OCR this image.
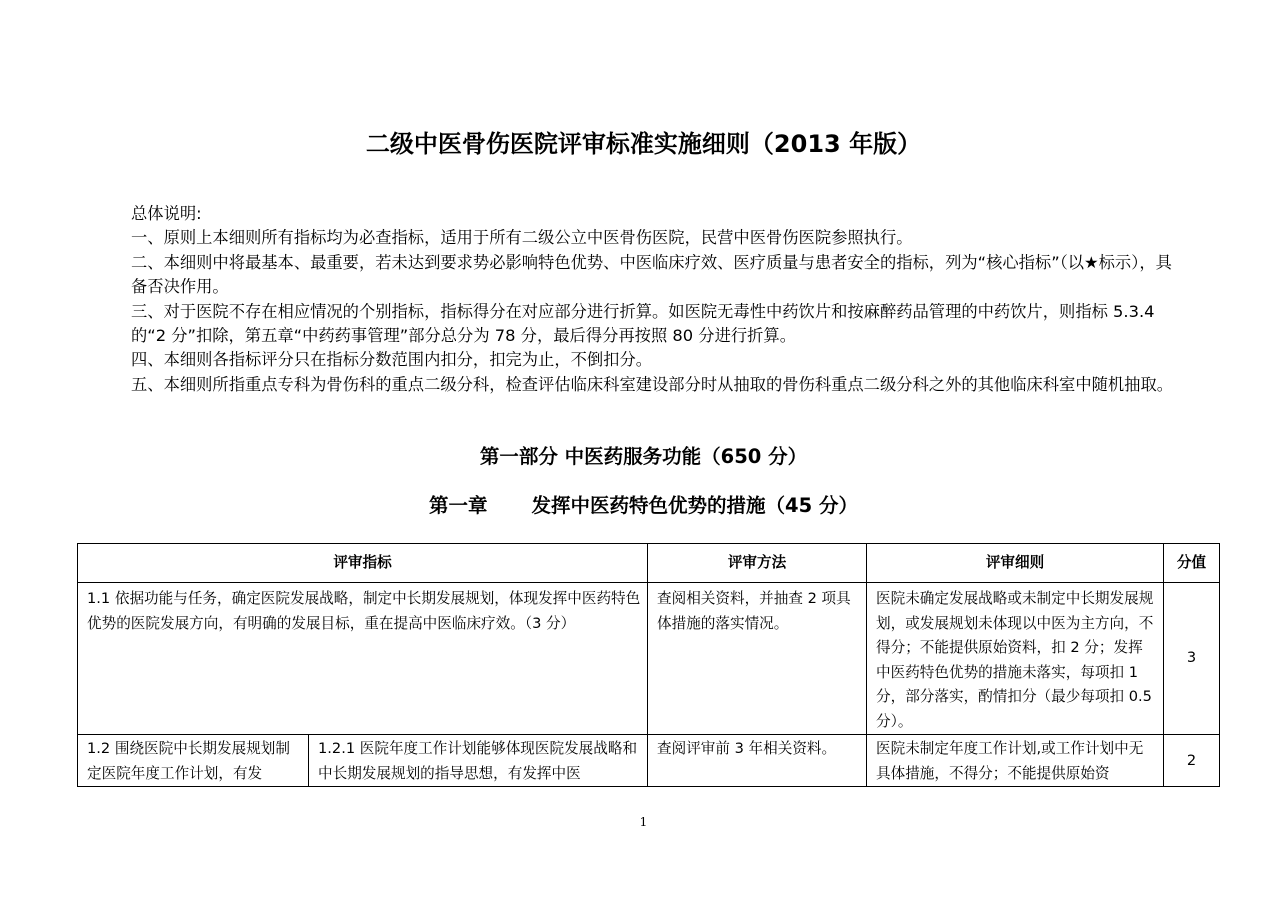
二级中医骨伤医院评审标准实施细则（2013 年版）

总体说明:

一、原则上本细则所有指标均为必查指标，适用于所有二级公立中医骨伤医院，民营中医骨伤医院参照执行。

二、本细则中将最基本、最重要，若未达到要求势必影响特色优势、中医临床疗效、医疗质量与患者安全的指标，列为“核心指标”（以★标示），具备否决作用。

三、对于医院不存在相应情况的个别指标，指标得分在对应部分进行折算。如医院无毒性中药饮片和按麻醉药品管理的中药饮片，则指标 5.3.4 的“2 分”扣除，第五章“中药药事管理”部分总分为 78 分，最后得分再按照 80 分进行折算。

四、本细则各指标评分只在指标分数范围内扣分，扣完为止，不倒扣分。

五、本细则所指重点专科为骨伤科的重点二级分科，检查评估临床科室建设部分时从抽取的骨伤科重点二级分科之外的其他临床科室中随机抽取。

第一部分 中医药服务功能（650 分）
第一章 发挥中医药特色优势的措施（45 分）
评审指标		评审方法	评审细则	分值
1.1 依据功能与任务，确定医院发展战略，制定中长期发展规划，体现发挥中医药特色优势的医院发展方向，有明确的发展目标，重在提高中医临床疗效。（3 分）		查阅相关资料，并抽查 2 项具体措施的落实情况。	医院未确定发展战略或未制定中长期发展规划，或发展规划未体现以中医为主方向，不得分；不能提供原始资料，扣 2 分；发挥中医药特色优势的措施未落实，每项扣 1 分，部分落实，酌情扣分（最少每项扣 0.5 分）。	3
1.2 围绕医院中长期发展规划制定医院年度工作计划，有发	1.2.1 医院年度工作计划能够体现医院发展战略和中长期发展规划的指导思想，有发挥中医	查阅评审前 3 年相关资料。	医院未制定年度工作计划,或工作计划中无具体措施，不得分；不能提供原始资	2
1
